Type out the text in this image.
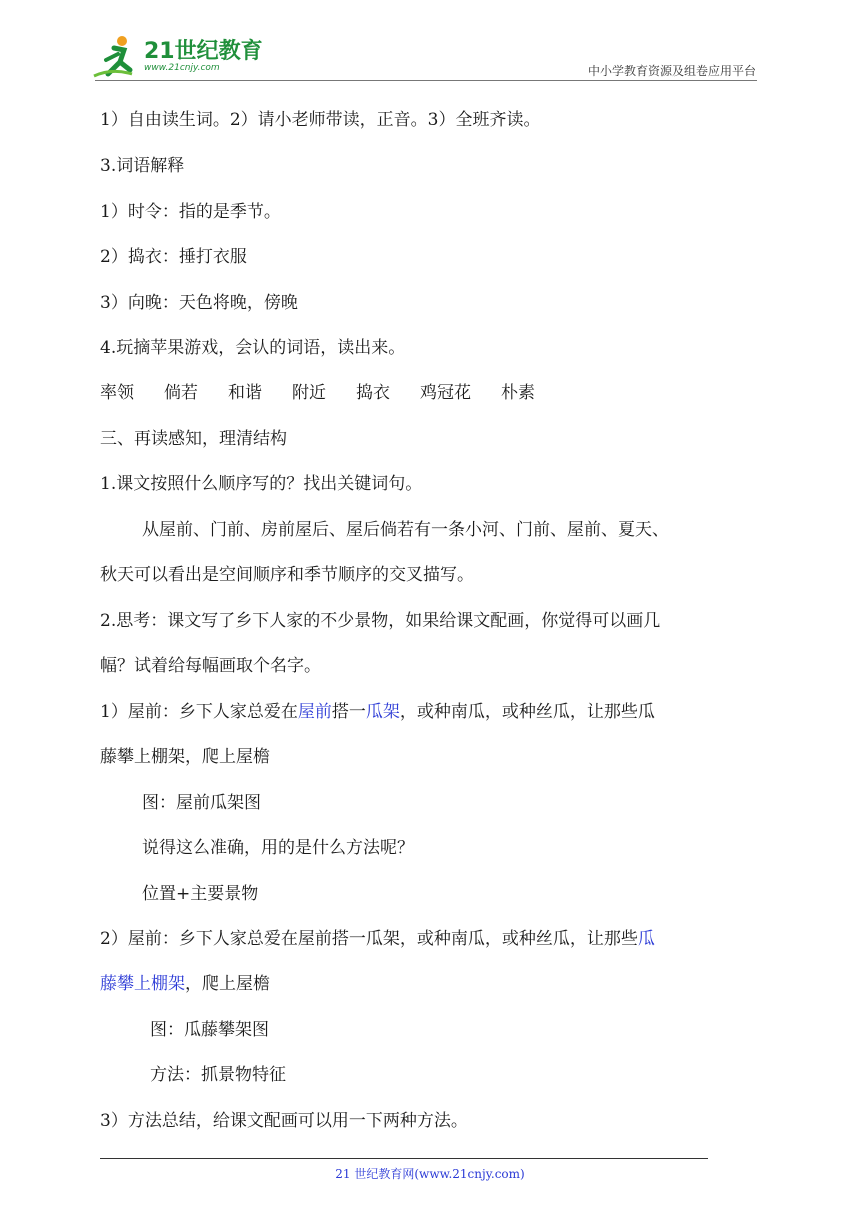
21世纪教育
www.21cnjy.com	中小学教育资源及组卷应用平台

1）自由读生词。2）请小老师带读，正音。3）全班齐读。

3.词语解释

1）时令：指的是季节。

2）捣衣：捶打衣服

3）向晚：天色将晚，傍晚

4.玩摘苹果游戏，会认的词语，读出来。

率领 倘若 和谐 附近 捣衣 鸡冠花 朴素

三、再读感知，理清结构

1.课文按照什么顺序写的？找出关键词句。

从屋前、门前、房前屋后、屋后倘若有一条小河、门前、屋前、夏天、

秋天可以看出是空间顺序和季节顺序的交叉描写。

2.思考：课文写了乡下人家的不少景物，如果给课文配画，你觉得可以画几

幅？试着给每幅画取个名字。

1）屋前：乡下人家总爱在屋前搭一瓜架，或种南瓜，或种丝瓜，让那些瓜

藤攀上棚架，爬上屋檐

图：屋前瓜架图

说得这么准确，用的是什么方法呢？

位置+主要景物

2）屋前：乡下人家总爱在屋前搭一瓜架，或种南瓜，或种丝瓜，让那些瓜

藤攀上棚架，爬上屋檐

图：瓜藤攀架图

方法：抓景物特征

3）方法总结，给课文配画可以用一下两种方法。

21 世纪教育网(www.21cnjy.com)
